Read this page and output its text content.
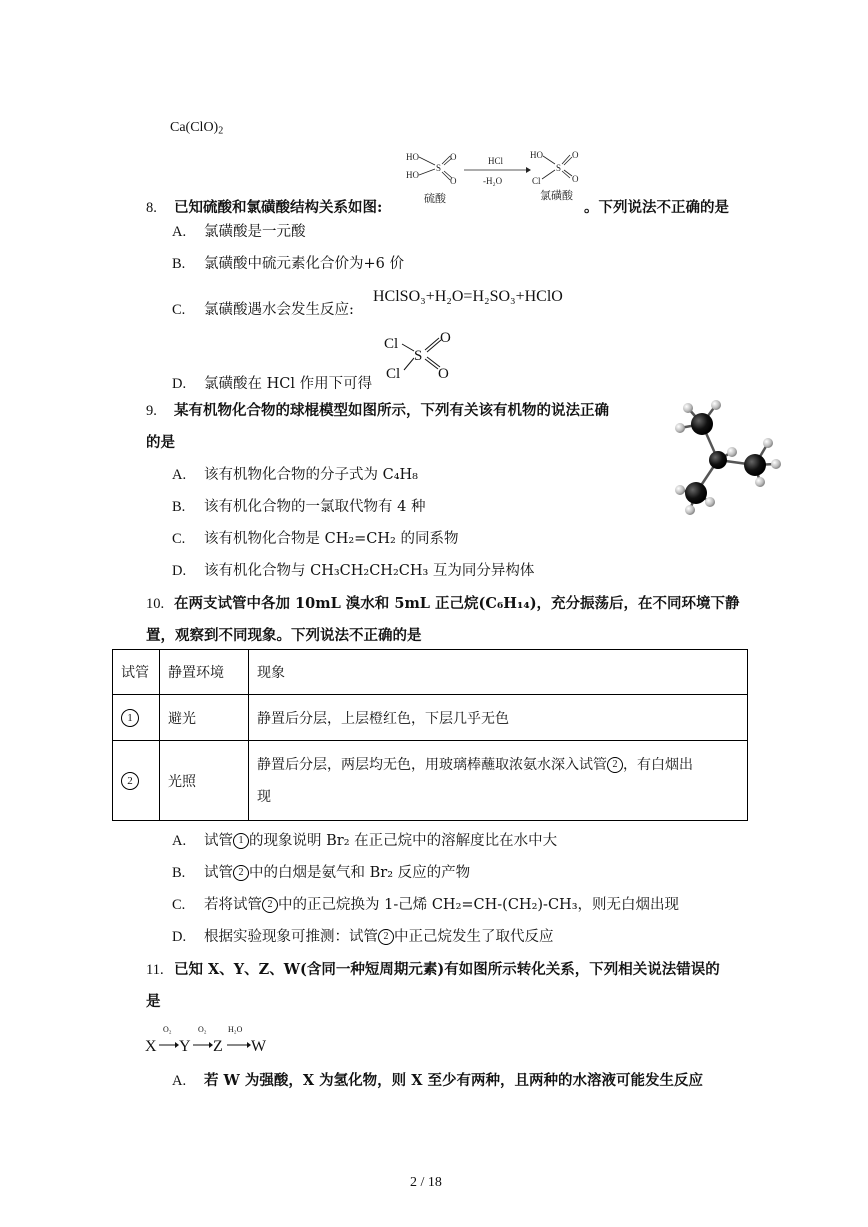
$Ca(ClO)_2$
HO
HO
S
O
O
硫酸
HCl
-H₂O
HO
Cl
S
O
O
氯磺酸
8. 已知硫酸和氯磺酸结构关系如图:	。下列说法不正确的是
A. 氯磺酸是一元酸
B. 氯磺酸中硫元素化合价为+6 价
C. 氯磺酸遇水会发生反应:
HClSO₃+H₂O=H₂SO₃+HClO
Cl
Cl
S
O
O
D. 氯磺酸在 HCl 作用下可得
9. 某有机物化合物的球棍模型如图所示，下列有关该有机物的说法正确
的是
A. 该有机物化合物的分子式为 C₄H₈
B. 该有机化合物的一氯取代物有 4 种
C. 该有机物化合物是 CH₂=CH₂ 的同系物
D. 该有机化合物与 CH₃CH₂CH₂CH₃ 互为同分异构体
10. 在两支试管中各加 10mL 溴水和 5mL 正己烷(C₆H₁₄)，充分振荡后，在不同环境下静
置，观察到不同现象。下列说法不正确的是
试管	静置环境	现象
1	避光	静置后分层，上层橙红色，下层几乎无色
2	光照	静置后分层，两层均无色，用玻璃棒蘸取浓氨水深入试管 2 ，有白烟出
现
A. 试管 1 的现象说明 Br₂ 在正己烷中的溶解度比在水中大
B. 试管 2 中的白烟是氨气和 Br₂ 反应的产物
C. 若将试管 2 中的正己烷换为 1-己烯 CH₂=CH-(CH₂)-CH₃，则无白烟出现
D. 根据实验现象可推测：试管 2 中正己烷发生了取代反应
11. 已知 X、Y、Z、W(含同一种短周期元素)有如图所示转化关系，下列相关说法错误的
是
O₂	O₂	H₂O
X Y Z W
A. 若 W 为强酸，X 为氢化物，则 X 至少有两种，且两种的水溶液可能发生反应
2 / 18
